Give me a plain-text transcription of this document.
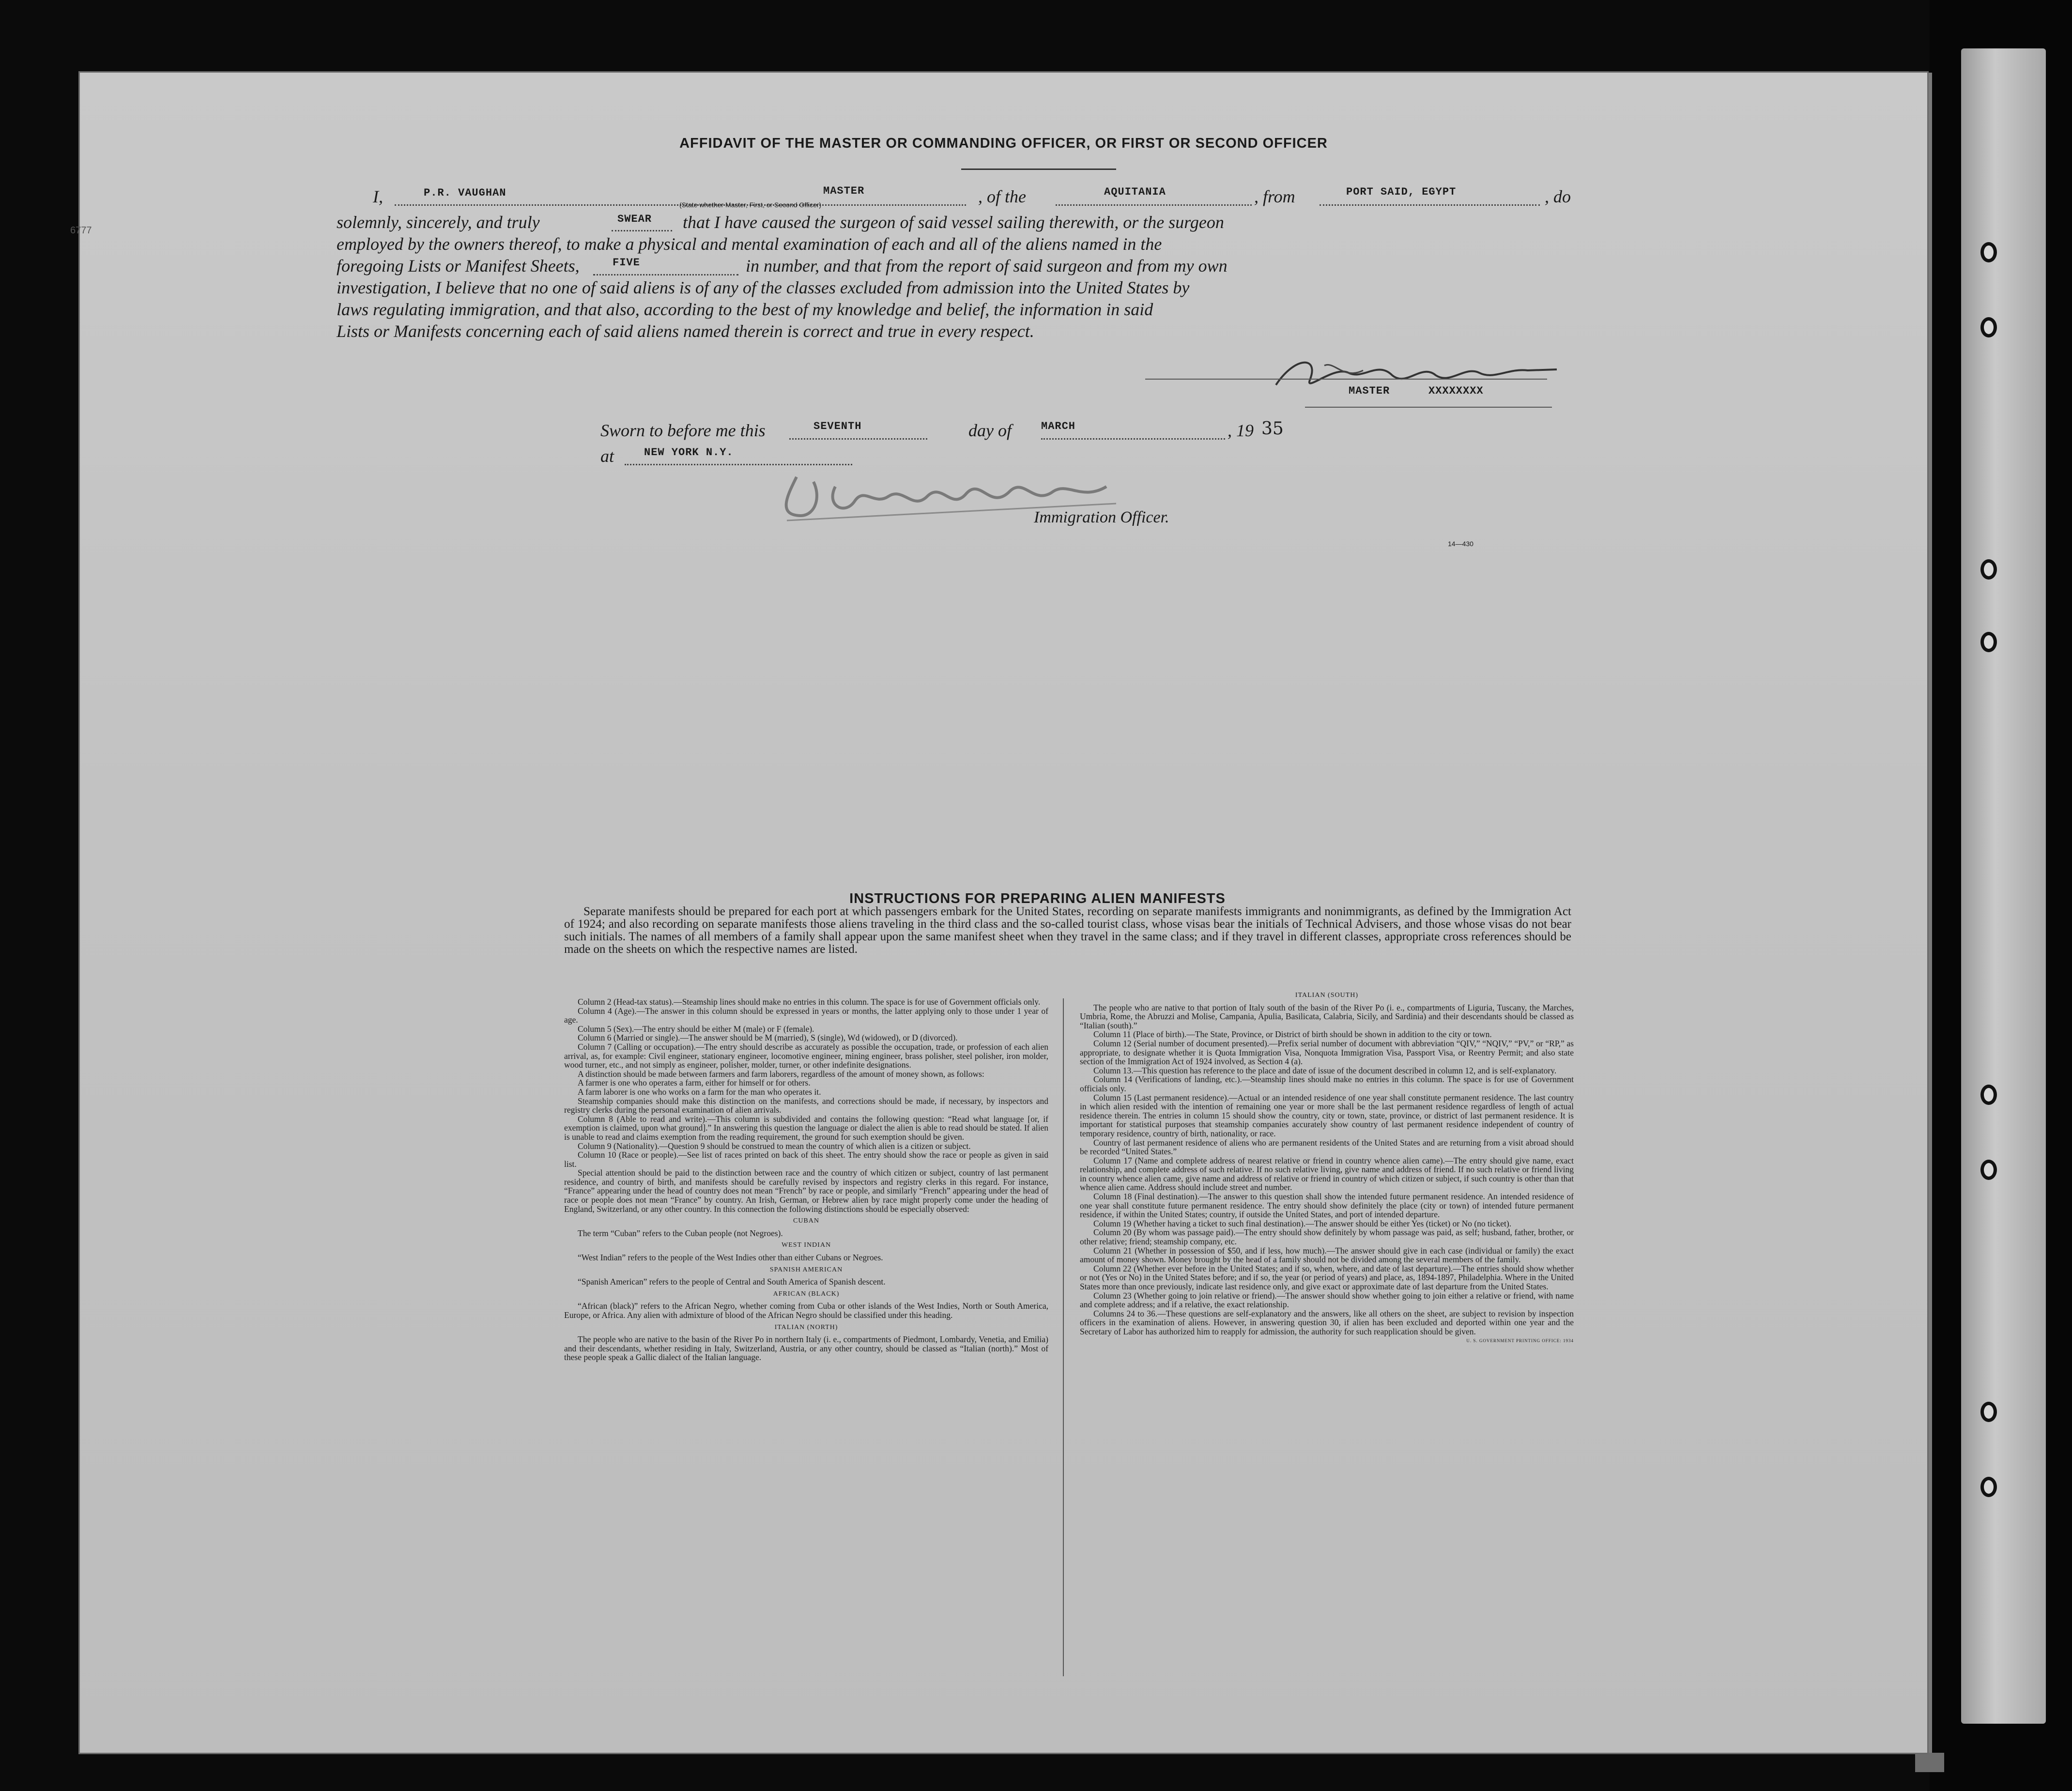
AFFIDAVIT OF THE MASTER OR COMMANDING OFFICER, OR FIRST OR SECOND OFFICER
6777
I,	P.R. VAUGHAN	MASTER
(State whether Master, First, or Second Officer)	, of the	AQUITANIA	, from	PORT SAID, EGYPT	, do
solemnly, sincerely, and truly	SWEAR that I have caused the surgeon of said vessel sailing therewith, or the surgeon
employed by the owners thereof, to make a physical and mental examination of each and all of the aliens named in the
foregoing Lists or Manifest Sheets,	FIVE	in number, and that from the report of said surgeon and from my own
investigation, I believe that no one of said aliens is of any of the classes excluded from admission into the United States by
laws regulating immigration, and that also, according to the best of my knowledge and belief, the information in said
Lists or Manifests concerning each of said aliens named therein is correct and true in every respect.
MASTER	XXXXXXXX
Sworn to before me this	SEVENTH	day of	MARCH	, 19 35
at	NEW YORK N.Y.
Immigration Officer.
14—430
INSTRUCTIONS FOR PREPARING ALIEN MANIFESTS
Separate manifests should be prepared for each port at which passengers embark for the United States, recording on separate manifests immigrants and nonimmigrants, as defined by the Immigration Act of 1924; and also recording on separate manifests those aliens traveling in the third class and the so-called tourist class, whose visas bear the initials of Technical Advisers, and those whose visas do not bear such initials. The names of all members of a family shall appear upon the same manifest sheet when they travel in the same class; and if they travel in different classes, appropriate cross references should be made on the sheets on which the respective names are listed.

Column 2 (Head-tax status).—Steamship lines should make no entries in this column. The space is for use of Government officials only.

Column 4 (Age).—The answer in this column should be expressed in years or months, the latter applying only to those under 1 year of age.

Column 5 (Sex).—The entry should be either M (male) or F (female).

Column 6 (Married or single).—The answer should be M (married), S (single), Wd (widowed), or D (divorced).

Column 7 (Calling or occupation).—The entry should describe as accurately as possible the occupation, trade, or profession of each alien arrival, as, for example: Civil engineer, stationary engineer, locomotive engineer, mining engineer, brass polisher, steel polisher, iron molder, wood turner, etc., and not simply as engineer, polisher, molder, turner, or other indefinite designations.

A distinction should be made between farmers and farm laborers, regardless of the amount of money shown, as follows:

A farmer is one who operates a farm, either for himself or for others.

A farm laborer is one who works on a farm for the man who operates it.

Steamship companies should make this distinction on the manifests, and corrections should be made, if necessary, by inspectors and registry clerks during the personal examination of alien arrivals.

Column 8 (Able to read and write).—This column is subdivided and contains the following question: “Read what language [or, if exemption is claimed, upon what ground].” In answering this question the language or dialect the alien is able to read should be stated. If alien is unable to read and claims exemption from the reading requirement, the ground for such exemption should be given.

Column 9 (Nationality).—Question 9 should be construed to mean the country of which alien is a citizen or subject.

Column 10 (Race or people).—See list of races printed on back of this sheet. The entry should show the race or people as given in said list.

Special attention should be paid to the distinction between race and the country of which citizen or subject, country of last permanent residence, and country of birth, and manifests should be carefully revised by inspectors and registry clerks in this regard. For instance, “France” appearing under the head of country does not mean “French” by race or people, and similarly “French” appearing under the head of race or people does not mean “France” by country. An Irish, German, or Hebrew alien by race might properly come under the heading of England, Switzerland, or any other country. In this connection the following distinctions should be especially observed:

CUBAN

The term “Cuban” refers to the Cuban people (not Negroes).

WEST INDIAN

“West Indian” refers to the people of the West Indies other than either Cubans or Negroes.

SPANISH AMERICAN

“Spanish American” refers to the people of Central and South America of Spanish descent.

AFRICAN (BLACK)

“African (black)” refers to the African Negro, whether coming from Cuba or other islands of the West Indies, North or South America, Europe, or Africa. Any alien with admixture of blood of the African Negro should be classified under this heading.

ITALIAN (NORTH)

The people who are native to the basin of the River Po in northern Italy (i. e., compartments of Piedmont, Lombardy, Venetia, and Emilia) and their descendants, whether residing in Italy, Switzerland, Austria, or any other country, should be classed as “Italian (north).” Most of these people speak a Gallic dialect of the Italian language.

ITALIAN (SOUTH)

The people who are native to that portion of Italy south of the basin of the River Po (i. e., compartments of Liguria, Tuscany, the Marches, Umbria, Rome, the Abruzzi and Molise, Campania, Apulia, Basilicata, Calabria, Sicily, and Sardinia) and their descendants should be classed as “Italian (south).”

Column 11 (Place of birth).—The State, Province, or District of birth should be shown in addition to the city or town.

Column 12 (Serial number of document presented).—Prefix serial number of document with abbreviation “QIV,” “NQIV,” “PV,” or “RP,” as appropriate, to designate whether it is Quota Immigration Visa, Nonquota Immigration Visa, Passport Visa, or Reentry Permit; and also state section of the Immigration Act of 1924 involved, as Section 4 (a).

Column 13.—This question has reference to the place and date of issue of the document described in column 12, and is self-explanatory.

Column 14 (Verifications of landing, etc.).—Steamship lines should make no entries in this column. The space is for use of Government officials only.

Column 15 (Last permanent residence).—Actual or an intended residence of one year shall constitute permanent residence. The last country in which alien resided with the intention of remaining one year or more shall be the last permanent residence regardless of length of actual residence therein. The entries in column 15 should show the country, city or town, state, province, or district of last permanent residence. It is important for statistical purposes that steamship companies accurately show country of last permanent residence independent of country of temporary residence, country of birth, nationality, or race.

Country of last permanent residence of aliens who are permanent residents of the United States and are returning from a visit abroad should be recorded “United States.”

Column 17 (Name and complete address of nearest relative or friend in country whence alien came).—The entry should give name, exact relationship, and complete address of such relative. If no such relative living, give name and address of friend. If no such relative or friend living in country whence alien came, give name and address of relative or friend in country of which citizen or subject, if such country is other than that whence alien came. Address should include street and number.

Column 18 (Final destination).—The answer to this question shall show the intended future permanent residence. An intended residence of one year shall constitute future permanent residence. The entry should show definitely the place (city or town) of intended future permanent residence, if within the United States; country, if outside the United States, and port of intended departure.

Column 19 (Whether having a ticket to such final destination).—The answer should be either Yes (ticket) or No (no ticket).

Column 20 (By whom was passage paid).—The entry should show definitely by whom passage was paid, as self; husband, father, brother, or other relative; friend; steamship company, etc.

Column 21 (Whether in possession of $50, and if less, how much).—The answer should give in each case (individual or family) the exact amount of money shown. Money brought by the head of a family should not be divided among the several members of the family.

Column 22 (Whether ever before in the United States; and if so, when, where, and date of last departure).—The entries should show whether or not (Yes or No) in the United States before; and if so, the year (or period of years) and place, as, 1894-1897, Philadelphia. Where in the United States more than once previously, indicate last residence only, and give exact or approximate date of last departure from the United States.

Column 23 (Whether going to join relative or friend).—The answer should show whether going to join either a relative or friend, with name and complete address; and if a relative, the exact relationship.

Columns 24 to 36.—These questions are self-explanatory and the answers, like all others on the sheet, are subject to revision by inspection officers in the examination of aliens. However, in answering question 30, if alien has been excluded and deported within one year and the Secretary of Labor has authorized him to reapply for admission, the authority for such reapplication should be given.

U. S. GOVERNMENT PRINTING OFFICE: 1934
